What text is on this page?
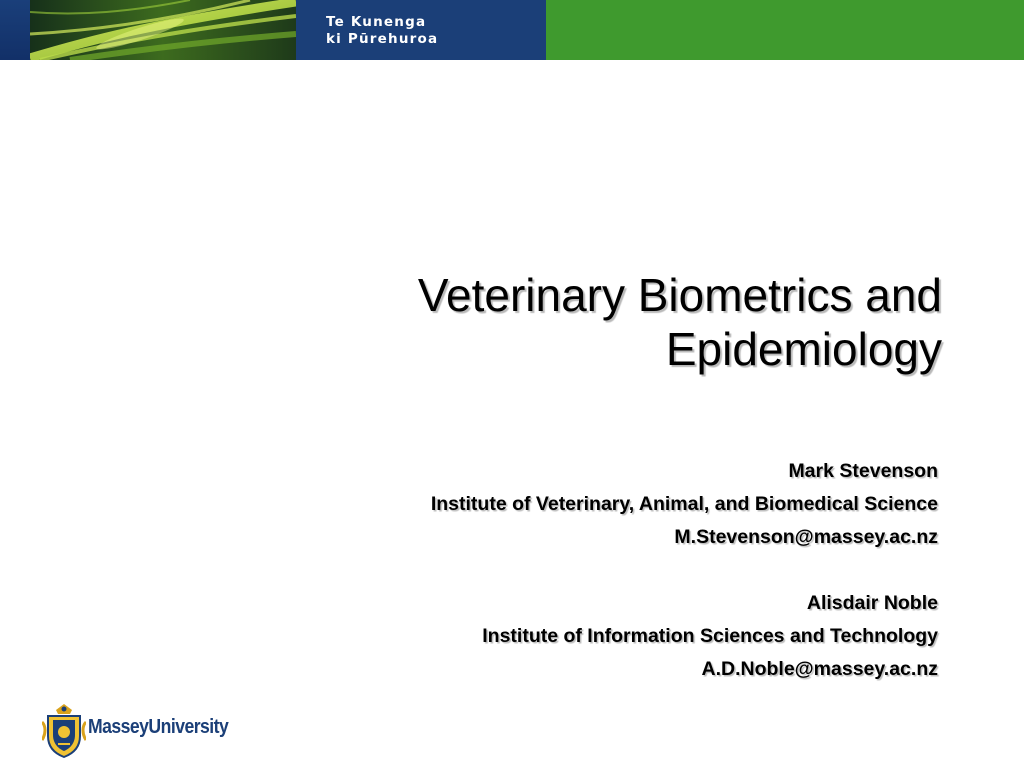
Te Kunenga
ki Pūrehuroa
Veterinary Biometrics and
Epidemiology
Mark Stevenson
Institute of Veterinary, Animal, and Biomedical Science
M.Stevenson@massey.ac.nz
Alisdair Noble
Institute of Information Sciences and Technology
A.D.Noble@massey.ac.nz
MasseyUniversity
